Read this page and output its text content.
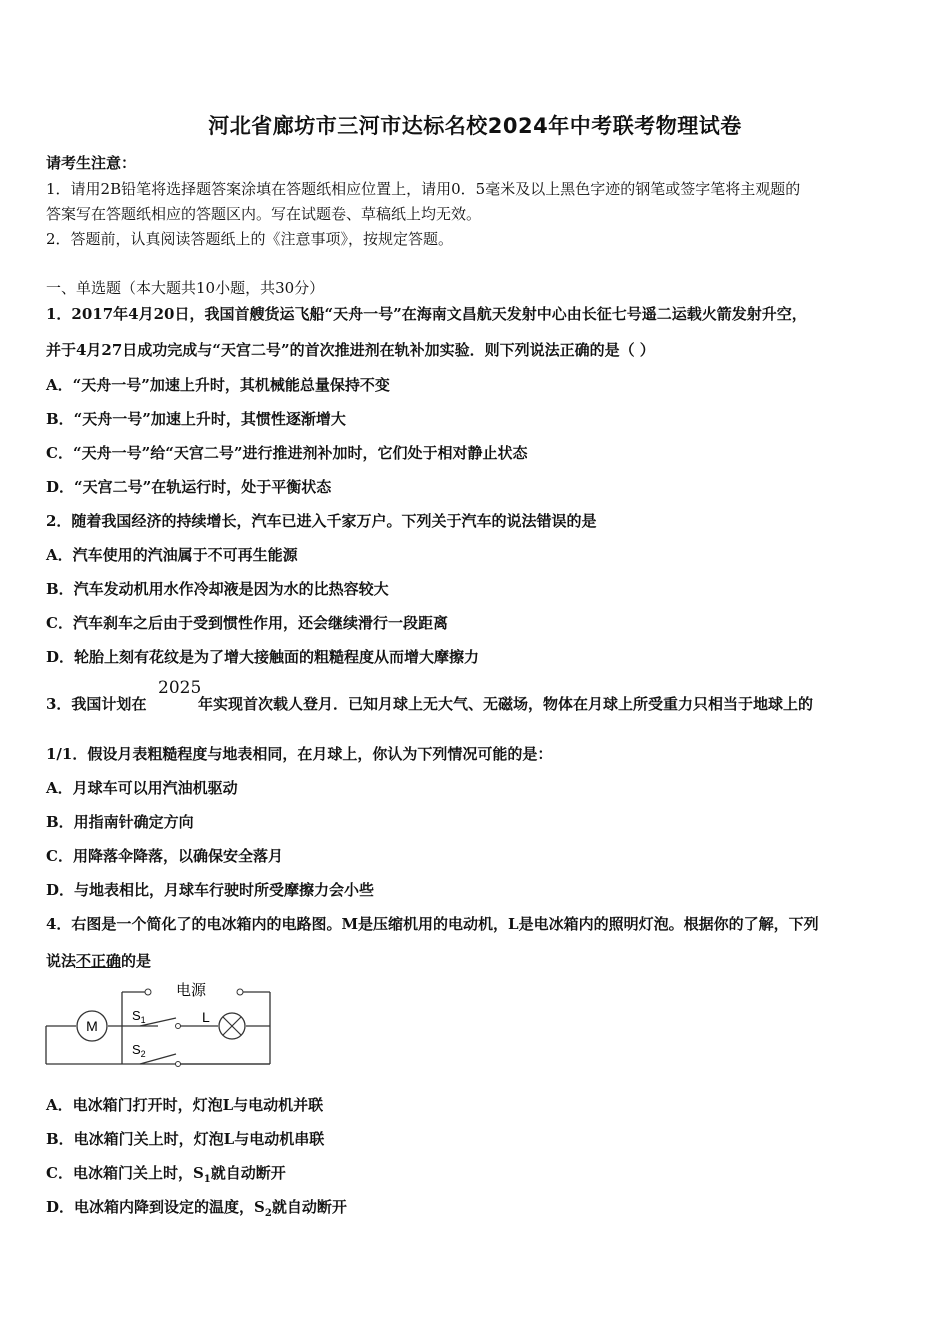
河北省廊坊市三河市达标名校2024年中考联考物理试卷
请考生注意：
1．请用2B铅笔将选择题答案涂填在答题纸相应位置上，请用0．5毫米及以上黑色字迹的钢笔或签字笔将主观题的
答案写在答题纸相应的答题区内。写在试题卷、草稿纸上均无效。
2．答题前，认真阅读答题纸上的《注意事项》，按规定答题。
一、单选题（本大题共10小题，共30分）
1．2017年4月20日，我国首艘货运飞船“天舟一号”在海南文昌航天发射中心由长征七号遥二运载火箭发射升空，
并于4月27日成功完成与“天宫二号”的首次推进剂在轨补加实验．则下列说法正确的是（ ）
A．“天舟一号”加速上升时，其机械能总量保持不变
B．“天舟一号”加速上升时，其惯性逐渐增大
C．“天舟一号”给“天宫二号”进行推进剂补加时，它们处于相对静止状态
D．“天宫二号”在轨运行时，处于平衡状态
2．随着我国经济的持续增长，汽车已进入千家万户。下列关于汽车的说法错误的是
A．汽车使用的汽油属于不可再生能源
B．汽车发动机用水作冷却液是因为水的比热容较大
C．汽车刹车之后由于受到惯性作用，还会继续滑行一段距离
D．轮胎上刻有花纹是为了增大接触面的粗糙程度从而增大摩擦力
3．我国计划在
2025
年实现首次载人登月．已知月球上无大气、无磁场，物体在月球上所受重力只相当于地球上的
1/1．假设月表粗糙程度与地表相同，在月球上，你认为下列情况可能的是：
A．月球车可以用汽油机驱动
B．用指南针确定方向
C．用降落伞降落，以确保安全落月
D．与地表相比，月球车行驶时所受摩擦力会小些
4．右图是一个简化了的电冰箱内的电路图。M是压缩机用的电动机，L是电冰箱内的照明灯泡。根据你的了解，下列
说法不正确的是
M
电源
$S_1$
$S_2$
L
A．电冰箱门打开时，灯泡L与电动机并联
B．电冰箱门关上时，灯泡L与电动机串联
C．电冰箱门关上时，$S_1$就自动断开
D．电冰箱内降到设定的温度，$S_2$就自动断开
